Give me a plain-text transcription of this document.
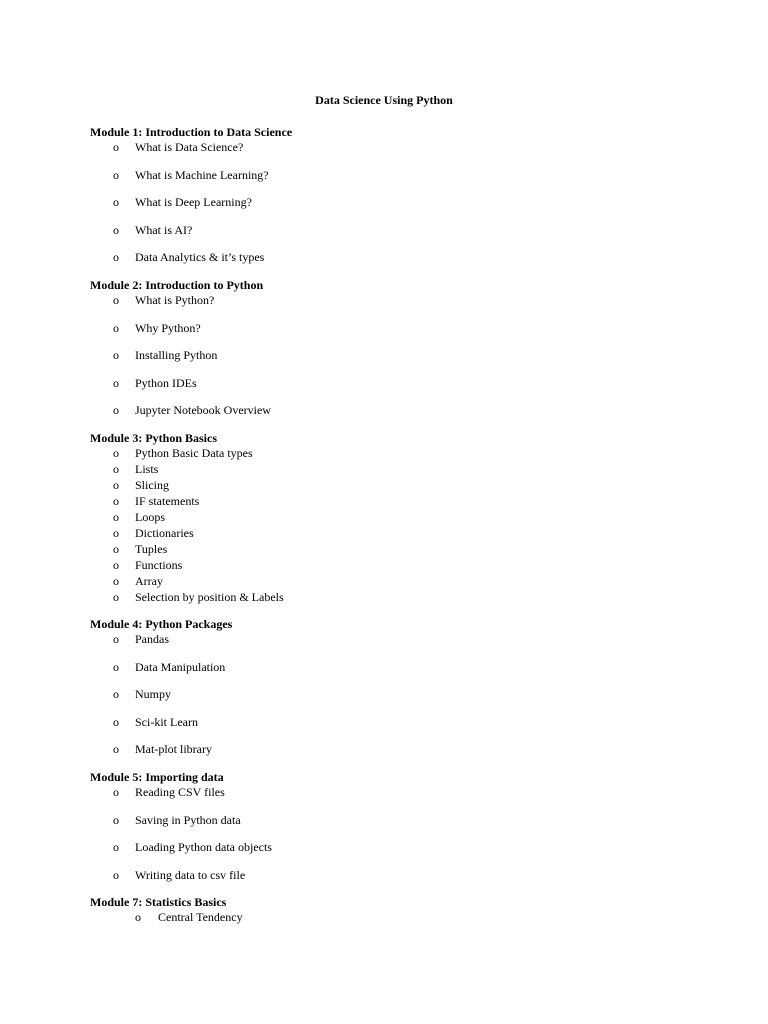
Data Science Using Python
Module 1: Introduction to Data Science
o What is Data Science?
o What is Machine Learning?
o What is Deep Learning?
o What is AI?
o Data Analytics & it’s types
Module 2: Introduction to Python
o What is Python?
o Why Python?
o Installing Python
o Python IDEs
o Jupyter Notebook Overview
Module 3: Python Basics
o Python Basic Data types
o Lists
o Slicing
o IF statements
o Loops
o Dictionaries
o Tuples
o Functions
o Array
o Selection by position & Labels
Module 4: Python Packages
o Pandas
o Data Manipulation
o Numpy
o Sci-kit Learn
o Mat-plot library
Module 5: Importing data
o Reading CSV files
o Saving in Python data
o Loading Python data objects
o Writing data to csv file
Module 7: Statistics Basics
o Central Tendency
